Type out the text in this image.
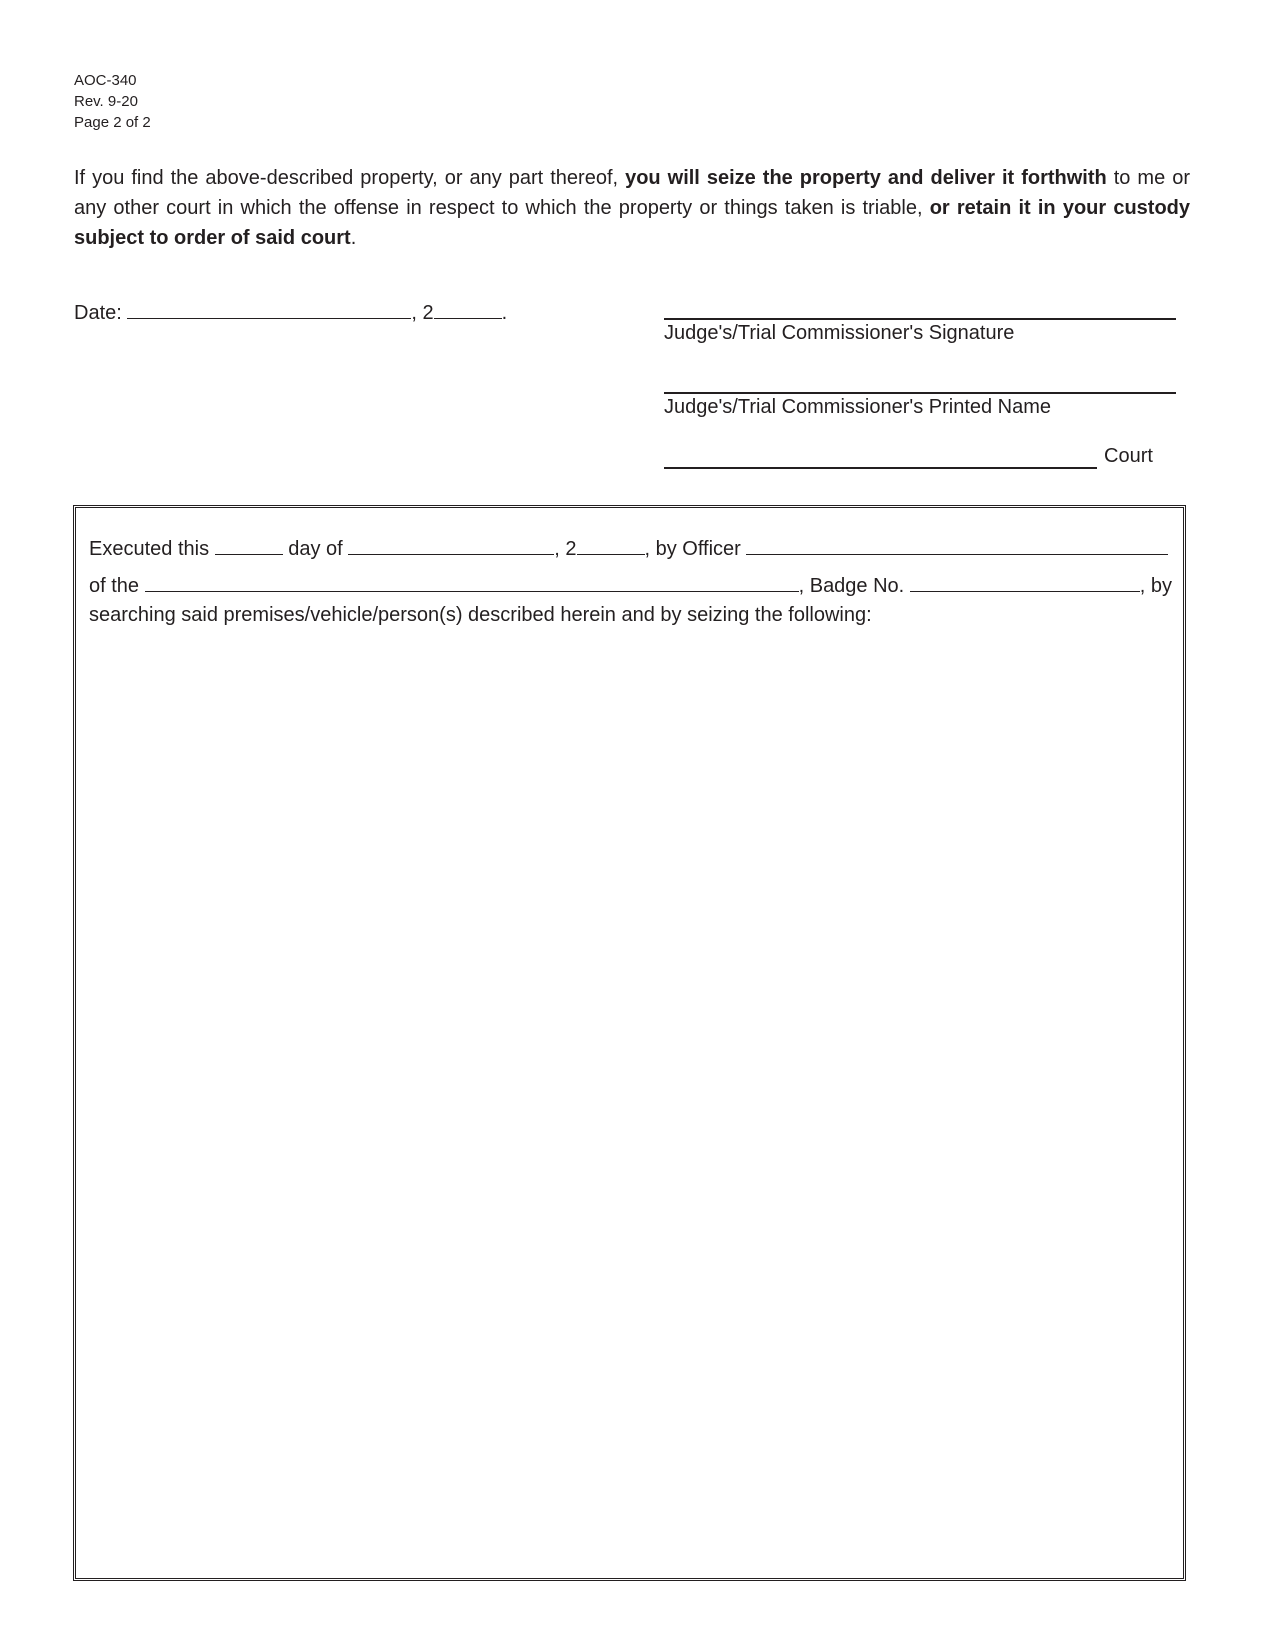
AOC-340
Rev. 9-20
Page 2 of 2
If you find the above-described property, or any part thereof, you will seize the property and deliver it forthwith to me or any other court in which the offense in respect to which the property or things taken is triable, or retain it in your custody subject to order of said court.
Date:	, 2	.
Judge's/Trial Commissioner's Signature
Judge's/Trial Commissioner's Printed Name
Court
Executed this	day of	, 2	, by Officer
of the	, Badge No.	, by
searching said premises/vehicle/person(s) described herein and by seizing the following:
